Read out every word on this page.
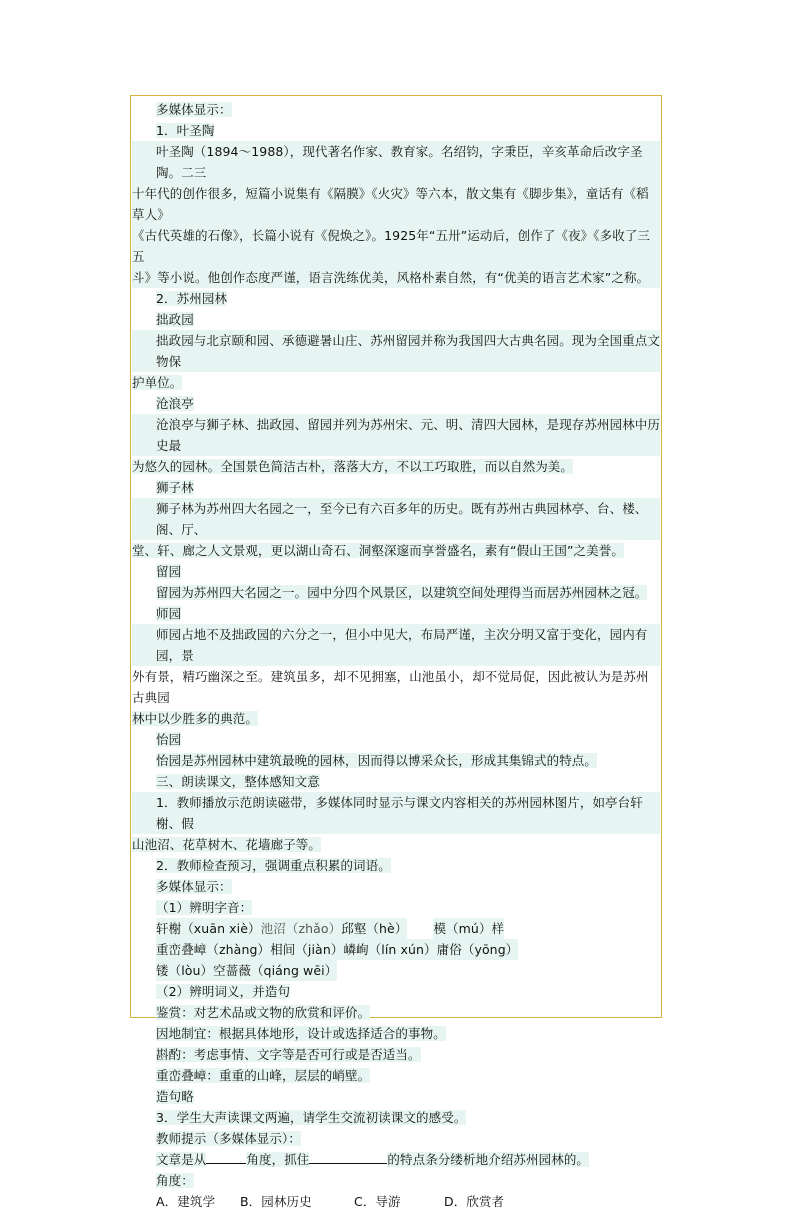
多媒体显示：

1．叶圣陶

叶圣陶（1894～1988），现代著名作家、教育家。名绍钧，字秉臣，辛亥革命后改字圣陶。二三

十年代的创作很多，短篇小说集有《隔膜》《火灾》等六本，散文集有《脚步集》，童话有《稻草人》

《古代英雄的石像》，长篇小说有《倪焕之》。1925年“五卅”运动后，创作了《夜》《多收了三五

斗》等小说。他创作态度严谨，语言洗练优美，风格朴素自然，有“优美的语言艺术家”之称。

2．苏州园林

拙政园

拙政园与北京颐和园、承德避暑山庄、苏州留园并称为我国四大古典名园。现为全国重点文物保

护单位。

沧浪亭

沧浪亭与狮子林、拙政园、留园并列为苏州宋、元、明、清四大园林，是现存苏州园林中历史最

为悠久的园林。全国景色简洁古朴，落落大方，不以工巧取胜，而以自然为美。

狮子林

狮子林为苏州四大名园之一，至今已有六百多年的历史。既有苏州古典园林亭、台、楼、阁、厅、

堂、轩、廊之人文景观，更以湖山奇石、洞壑深邃而享誉盛名，素有“假山王国”之美誉。

留园

留园为苏州四大名园之一。园中分四个风景区，以建筑空间处理得当而居苏州园林之冠。

师园

师园占地不及拙政园的六分之一，但小中见大，布局严谨，主次分明又富于变化，园内有园，景

外有景，精巧幽深之至。建筑虽多，却不见拥塞，山池虽小，却不觉局促，因此被认为是苏州古典园

林中以少胜多的典范。

怡园

怡园是苏州园林中建筑最晚的园林，因而得以博采众长，形成其集锦式的特点。

三、朗读课文，整体感知文意

1．教师播放示范朗读磁带，多媒体同时显示与课文内容相关的苏州园林图片，如亭台轩榭、假

山池沼、花草树木、花墙廊子等。

2．教师检查预习，强调重点积累的词语。

多媒体显示：

（1）辨明字音：

轩榭（xuān xiè）池沼（zhǎo）邱壑（hè） 模（mú）样

重峦叠嶂（zhàng）相间（jiàn）嶙峋（lín xún）庸俗（yōng）

镂（lòu）空蔷薇（qiáng wēi）

（2）辨明词义，并造句

鉴赏：对艺术品或文物的欣赏和评价。

因地制宜：根据具体地形，设计或选择适合的事物。

斟酌：考虑事情、文字等是否可行或是否适当。

重峦叠嶂：重重的山峰，层层的峭壁。

造句略

3．学生大声读课文两遍，请学生交流初读课文的感受。

教师提示（多媒体显示）：

文章是从	角度，抓住	的特点条分缕析地介绍苏州园林的。

角度：

A．建筑学 B．园林历史	C．导游	D．欣赏者
